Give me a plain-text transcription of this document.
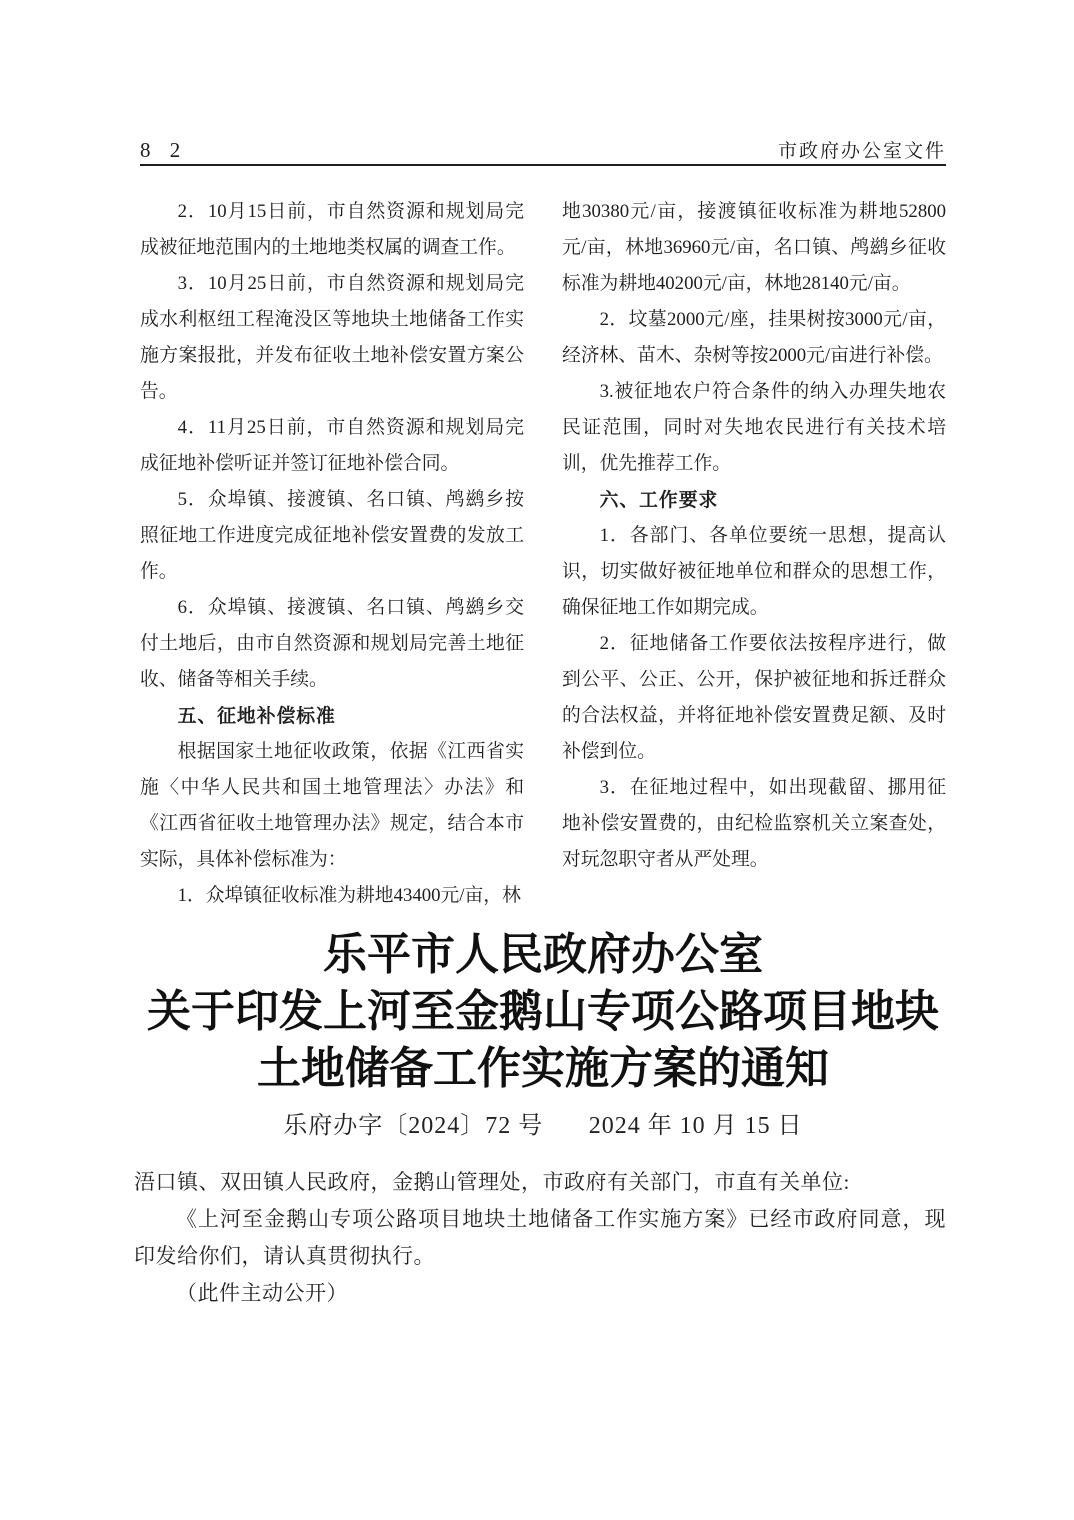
8 2	市政府办公室文件

2．10月15日前，市自然资源和规划局完成被征地范围内的土地地类权属的调查工作。

3．10月25日前，市自然资源和规划局完成水利枢纽工程淹没区等地块土地储备工作实施方案报批，并发布征收土地补偿安置方案公告。

4．11月25日前，市自然资源和规划局完成征地补偿听证并签订征地补偿合同。

5．众埠镇、接渡镇、名口镇、鸬鹚乡按照征地工作进度完成征地补偿安置费的发放工作。

6．众埠镇、接渡镇、名口镇、鸬鹚乡交付土地后，由市自然资源和规划局完善土地征收、储备等相关手续。

五、征地补偿标准

根据国家土地征收政策，依据《江西省实施〈中华人民共和国土地管理法〉办法》和《江西省征收土地管理办法》规定，结合本市实际，具体补偿标准为：

1．众埠镇征收标准为耕地43400元/亩，林

地30380元/亩，接渡镇征收标准为耕地52800元/亩，林地36960元/亩，名口镇、鸬鹚乡征收标准为耕地40200元/亩，林地28140元/亩。

2．坟墓2000元/座，挂果树按3000元/亩，经济林、苗木、杂树等按2000元/亩进行补偿。

3.被征地农户符合条件的纳入办理失地农民证范围，同时对失地农民进行有关技术培训，优先推荐工作。

六、工作要求

1．各部门、各单位要统一思想，提高认识，切实做好被征地单位和群众的思想工作，确保征地工作如期完成。

2．征地储备工作要依法按程序进行，做到公平、公正、公开，保护被征地和拆迁群众的合法权益，并将征地补偿安置费足额、及时补偿到位。

3．在征地过程中，如出现截留、挪用征地补偿安置费的，由纪检监察机关立案查处，对玩忽职守者从严处理。

乐平市人民政府办公室
关于印发上河至金鹅山专项公路项目地块
土地储备工作实施方案的通知
乐府办字〔2024〕72 号 2024 年 10 月 15 日

浯口镇、双田镇人民政府，金鹅山管理处，市政府有关部门，市直有关单位:

《上河至金鹅山专项公路项目地块土地储备工作实施方案》已经市政府同意，现印发给你们，请认真贯彻执行。

（此件主动公开）
